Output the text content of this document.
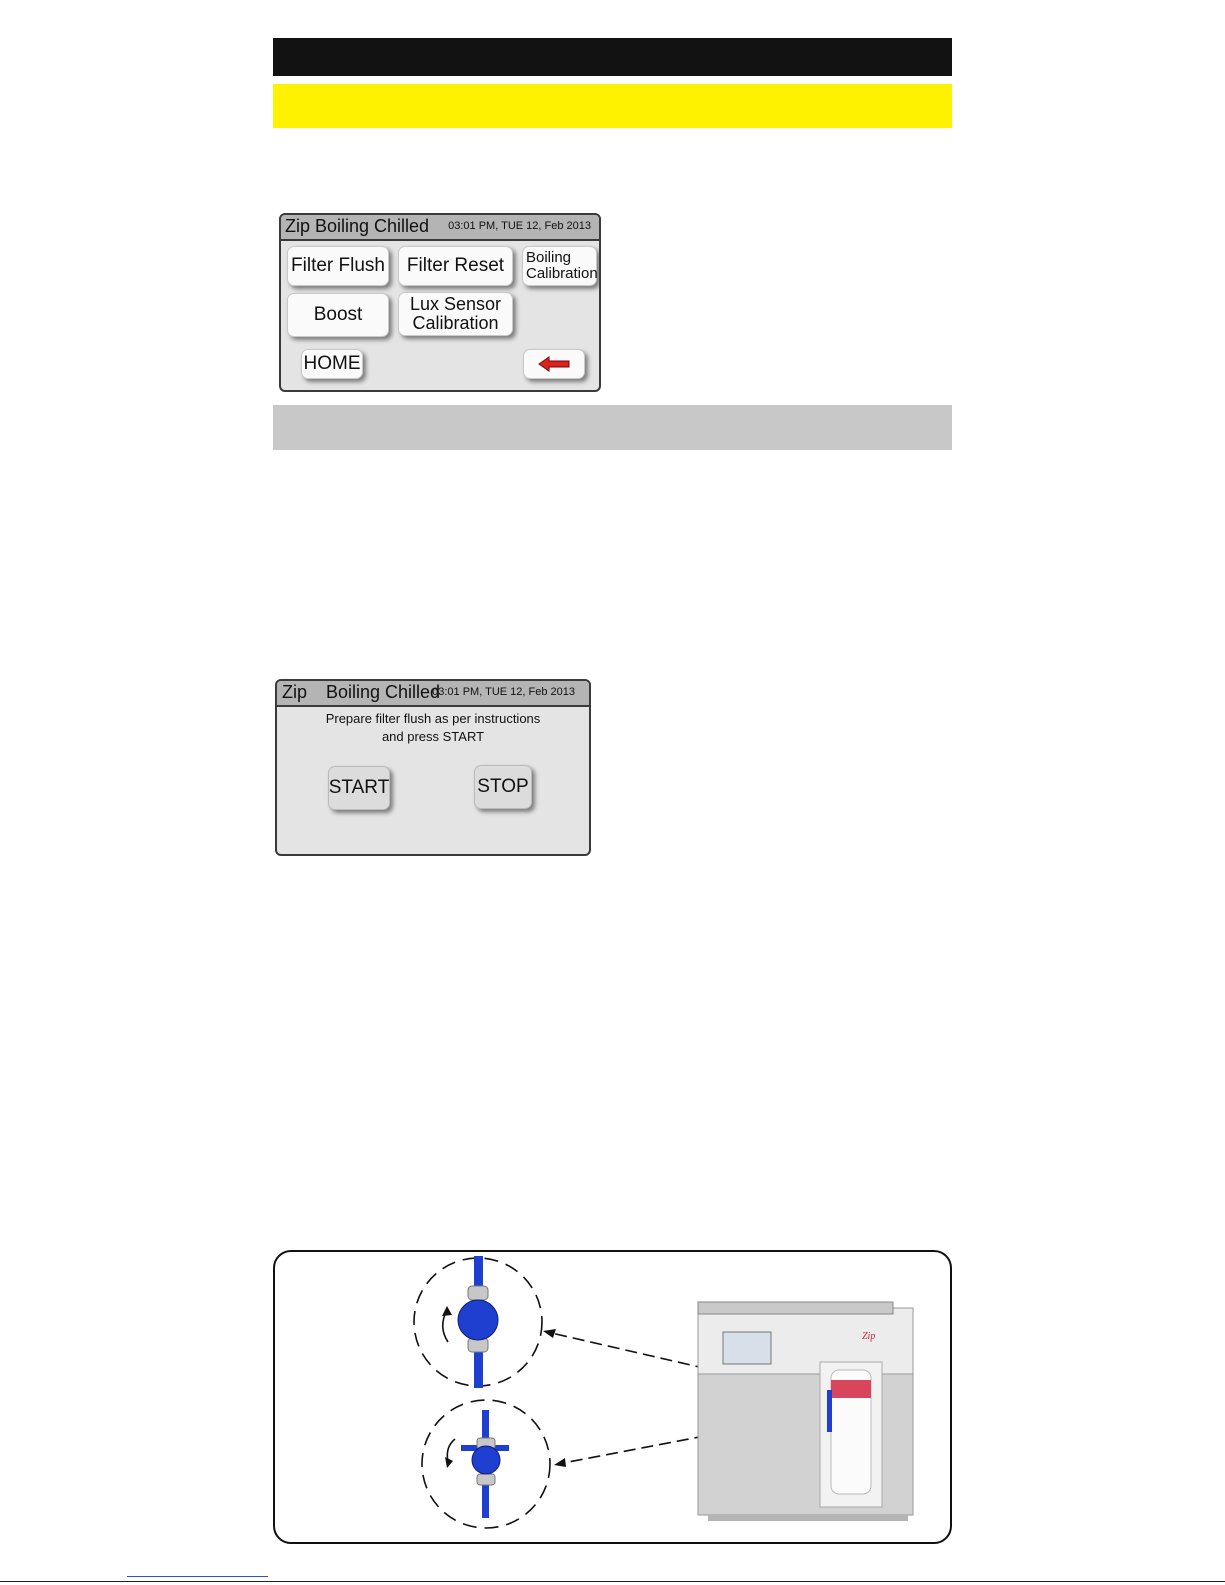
Zip Boiling Chilled 03:01 PM, TUE 12, Feb 2013
Filter Flush Filter Reset Boiling
Calibration
Boost	Lux Sensor
Calibration
HOME
Zip Boiling Chilled
03:01 PM, TUE 12, Feb 2013
Prepare filter flush as per instructions
and press START
START	STOP
Zip
